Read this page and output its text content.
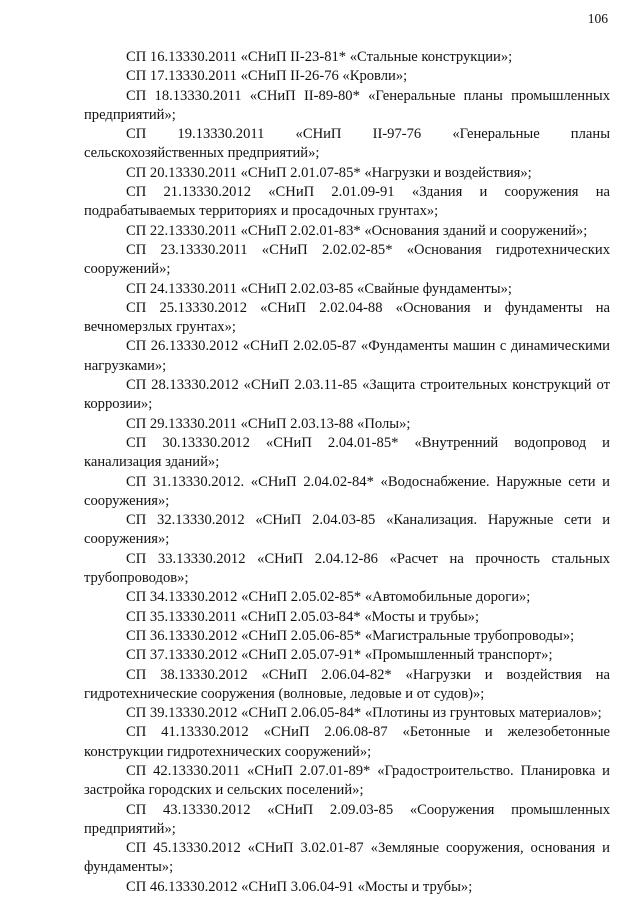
106

СП 16.13330.2011 «СНиП II-23-81* «Стальные конструкции»;

СП 17.13330.2011 «СНиП II-26-76 «Кровли»;

СП 18.13330.2011 «СНиП II-89-80* «Генеральные планы промышленных предприятий»;

СП 19.13330.2011 «СНиП II-97-76 «Генеральные планы сельскохозяйственных предприятий»;

СП 20.13330.2011 «СНиП 2.01.07-85* «Нагрузки и воздействия»;

СП 21.13330.2012 «СНиП 2.01.09-91 «Здания и сооружения на подрабатываемых территориях и просадочных грунтах»;

СП 22.13330.2011 «СНиП 2.02.01-83* «Основания зданий и сооружений»;

СП 23.13330.2011 «СНиП 2.02.02-85* «Основания гидротехнических сооружений»;

СП 24.13330.2011 «СНиП 2.02.03-85 «Свайные фундаменты»;

СП 25.13330.2012 «СНиП 2.02.04-88 «Основания и фундаменты на вечномерзлых грунтах»;

СП 26.13330.2012 «СНиП 2.02.05-87 «Фундаменты машин с динамическими нагрузками»;

СП 28.13330.2012 «СНиП 2.03.11-85 «Защита строительных конструкций от коррозии»;

СП 29.13330.2011 «СНиП 2.03.13-88 «Полы»;

СП 30.13330.2012 «СНиП 2.04.01-85* «Внутренний водопровод и канализация зданий»;

СП 31.13330.2012. «СНиП 2.04.02-84* «Водоснабжение. Наружные сети и сооружения»;

СП 32.13330.2012 «СНиП 2.04.03-85 «Канализация. Наружные сети и сооружения»;

СП 33.13330.2012 «СНиП 2.04.12-86 «Расчет на прочность стальных трубопроводов»;

СП 34.13330.2012 «СНиП 2.05.02-85* «Автомобильные дороги»;

СП 35.13330.2011 «СНиП 2.05.03-84* «Мосты и трубы»;

СП 36.13330.2012 «СНиП 2.05.06-85* «Магистральные трубопроводы»;

СП 37.13330.2012 «СНиП 2.05.07-91* «Промышленный транспорт»;

СП 38.13330.2012 «СНиП 2.06.04-82* «Нагрузки и воздействия на гидротехнические сооружения (волновые, ледовые и от судов)»;

СП 39.13330.2012 «СНиП 2.06.05-84* «Плотины из грунтовых материалов»;

СП 41.13330.2012 «СНиП 2.06.08-87 «Бетонные и железобетонные конструкции гидротехнических сооружений»;

СП 42.13330.2011 «СНиП 2.07.01-89* «Градостроительство. Планировка и застройка городских и сельских поселений»;

СП 43.13330.2012 «СНиП 2.09.03-85 «Сооружения промышленных предприятий»;

СП 45.13330.2012 «СНиП 3.02.01-87 «Земляные сооружения, основания и фундаменты»;

СП 46.13330.2012 «СНиП 3.06.04-91 «Мосты и трубы»;
